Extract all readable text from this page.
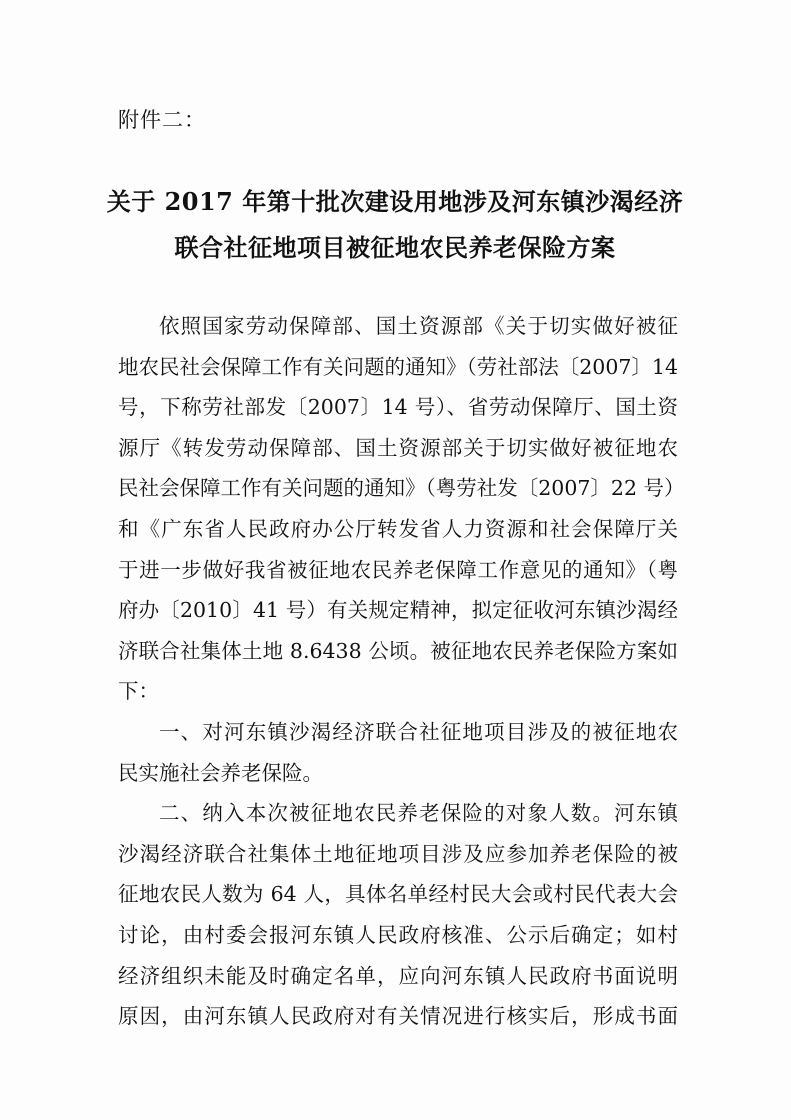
附件二：
关于 2017 年第十批次建设用地涉及河东镇沙渴经济
联合社征地项目被征地农民养老保险方案
依照国家劳动保障部、国土资源部《关于切实做好被征
地农民社会保障工作有关问题的通知》（劳社部法〔2007〕14
号，下称劳社部发〔2007〕14 号）、省劳动保障厅、国土资
源厅《转发劳动保障部、国土资源部关于切实做好被征地农
民社会保障工作有关问题的通知》（粤劳社发〔2007〕22 号）
和《广东省人民政府办公厅转发省人力资源和社会保障厅关
于进一步做好我省被征地农民养老保障工作意见的通知》（粤
府办〔2010〕41 号）有关规定精神，拟定征收河东镇沙渴经
济联合社集体土地 8.6438 公顷。被征地农民养老保险方案如
下：
一、对河东镇沙渴经济联合社征地项目涉及的被征地农
民实施社会养老保险。
二、纳入本次被征地农民养老保险的对象人数。河东镇
沙渴经济联合社集体土地征地项目涉及应参加养老保险的被
征地农民人数为 64 人，具体名单经村民大会或村民代表大会
讨论，由村委会报河东镇人民政府核准、公示后确定；如村
经济组织未能及时确定名单，应向河东镇人民政府书面说明
原因，由河东镇人民政府对有关情况进行核实后，形成书面
